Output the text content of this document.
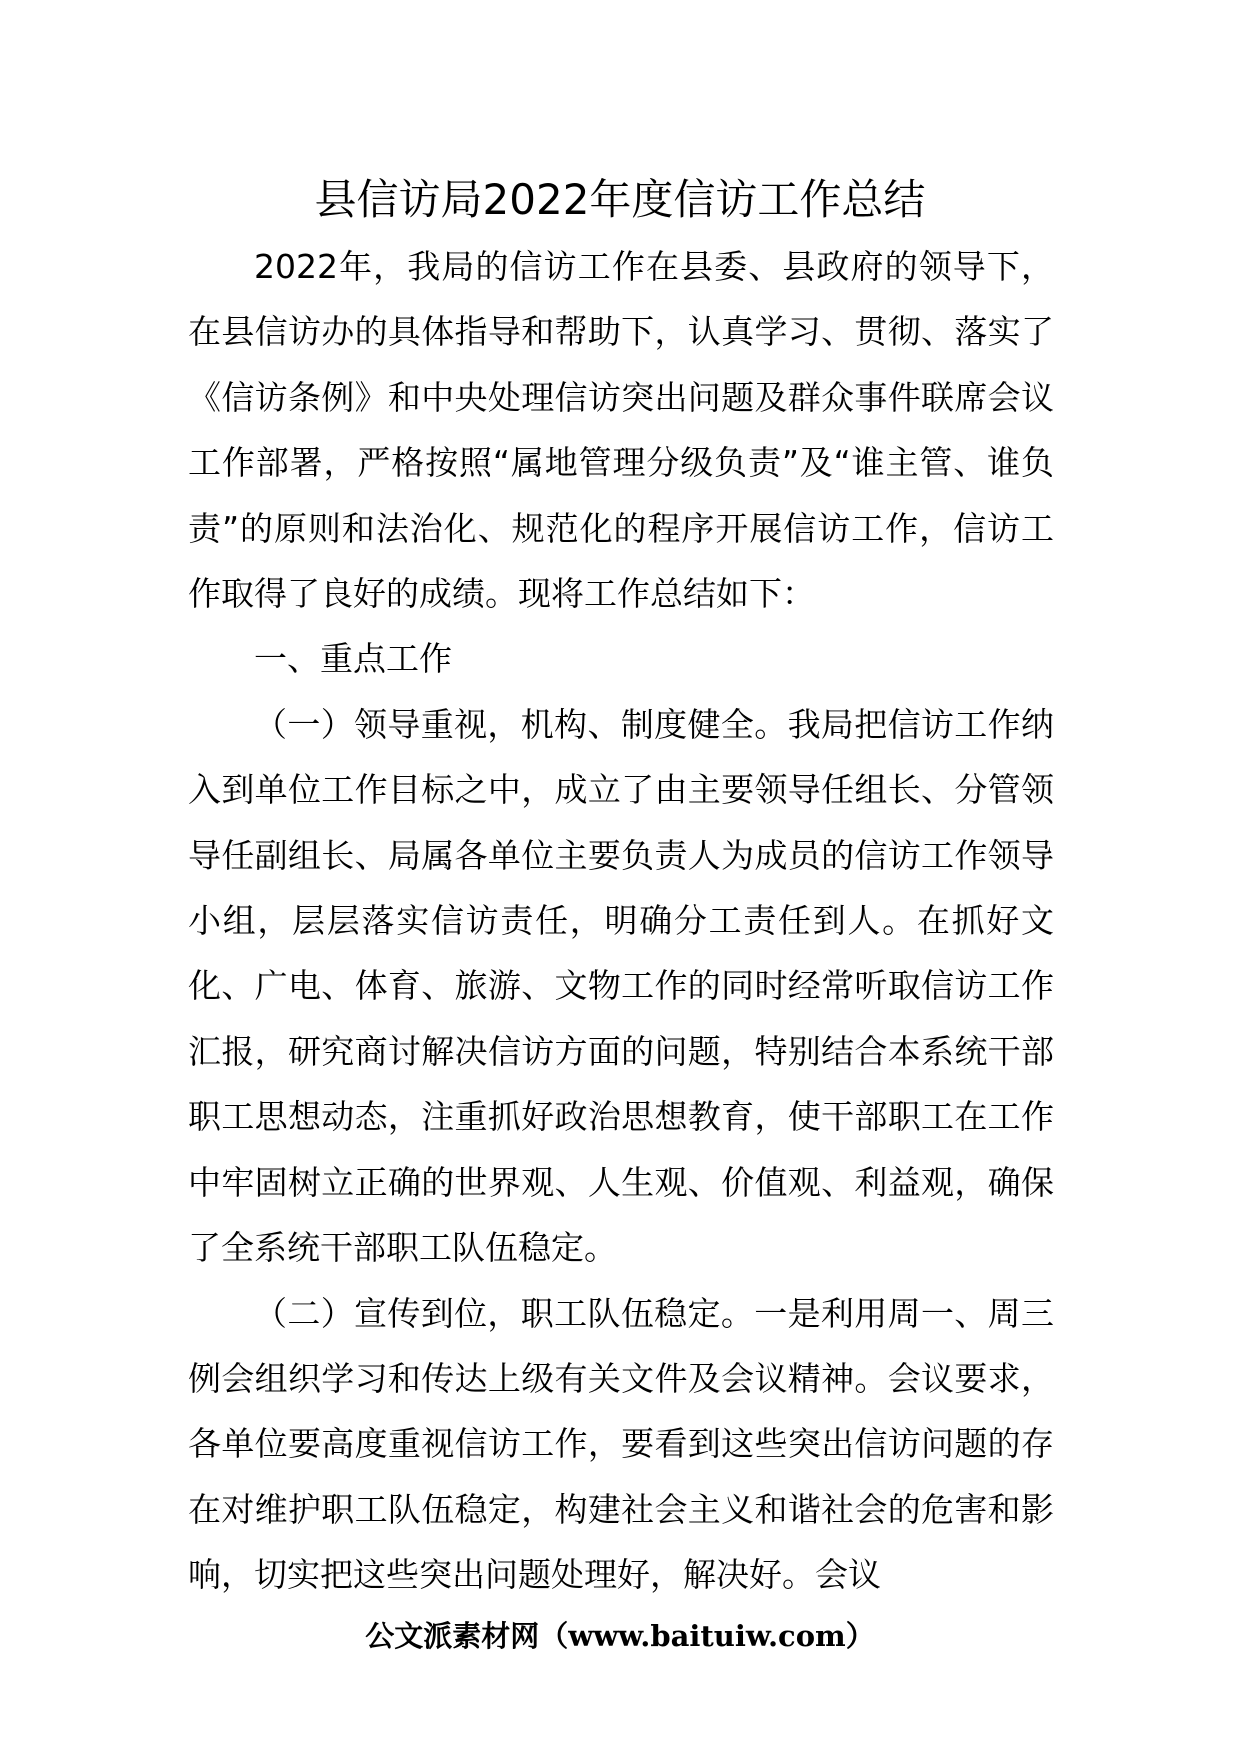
县信访局2022年度信访工作总结

2022年，我局的信访工作在县委、县政府的领导下，在县信访办的具体指导和帮助下，认真学习、贯彻、落实了《信访条例》和中央处理信访突出问题及群众事件联席会议工作部署，严格按照“属地管理分级负责”及“谁主管、谁负责”的原则和法治化、规范化的程序开展信访工作，信访工作取得了良好的成绩。现将工作总结如下：

一、重点工作

（一）领导重视，机构、制度健全。我局把信访工作纳入到单位工作目标之中，成立了由主要领导任组长、分管领导任副组长、局属各单位主要负责人为成员的信访工作领导小组，层层落实信访责任，明确分工责任到人。在抓好文化、广电、体育、旅游、文物工作的同时经常听取信访工作汇报，研究商讨解决信访方面的问题，特别结合本系统干部职工思想动态，注重抓好政治思想教育，使干部职工在工作中牢固树立正确的世界观、人生观、价值观、利益观，确保了全系统干部职工队伍稳定。

（二）宣传到位，职工队伍稳定。一是利用周一、周三例会组织学习和传达上级有关文件及会议精神。会议要求，各单位要高度重视信访工作，要看到这些突出信访问题的存在对维护职工队伍稳定，构建社会主义和谐社会的危害和影响，切实把这些突出问题处理好，解决好。会议

公文派素材网（www.baituiw.com）
